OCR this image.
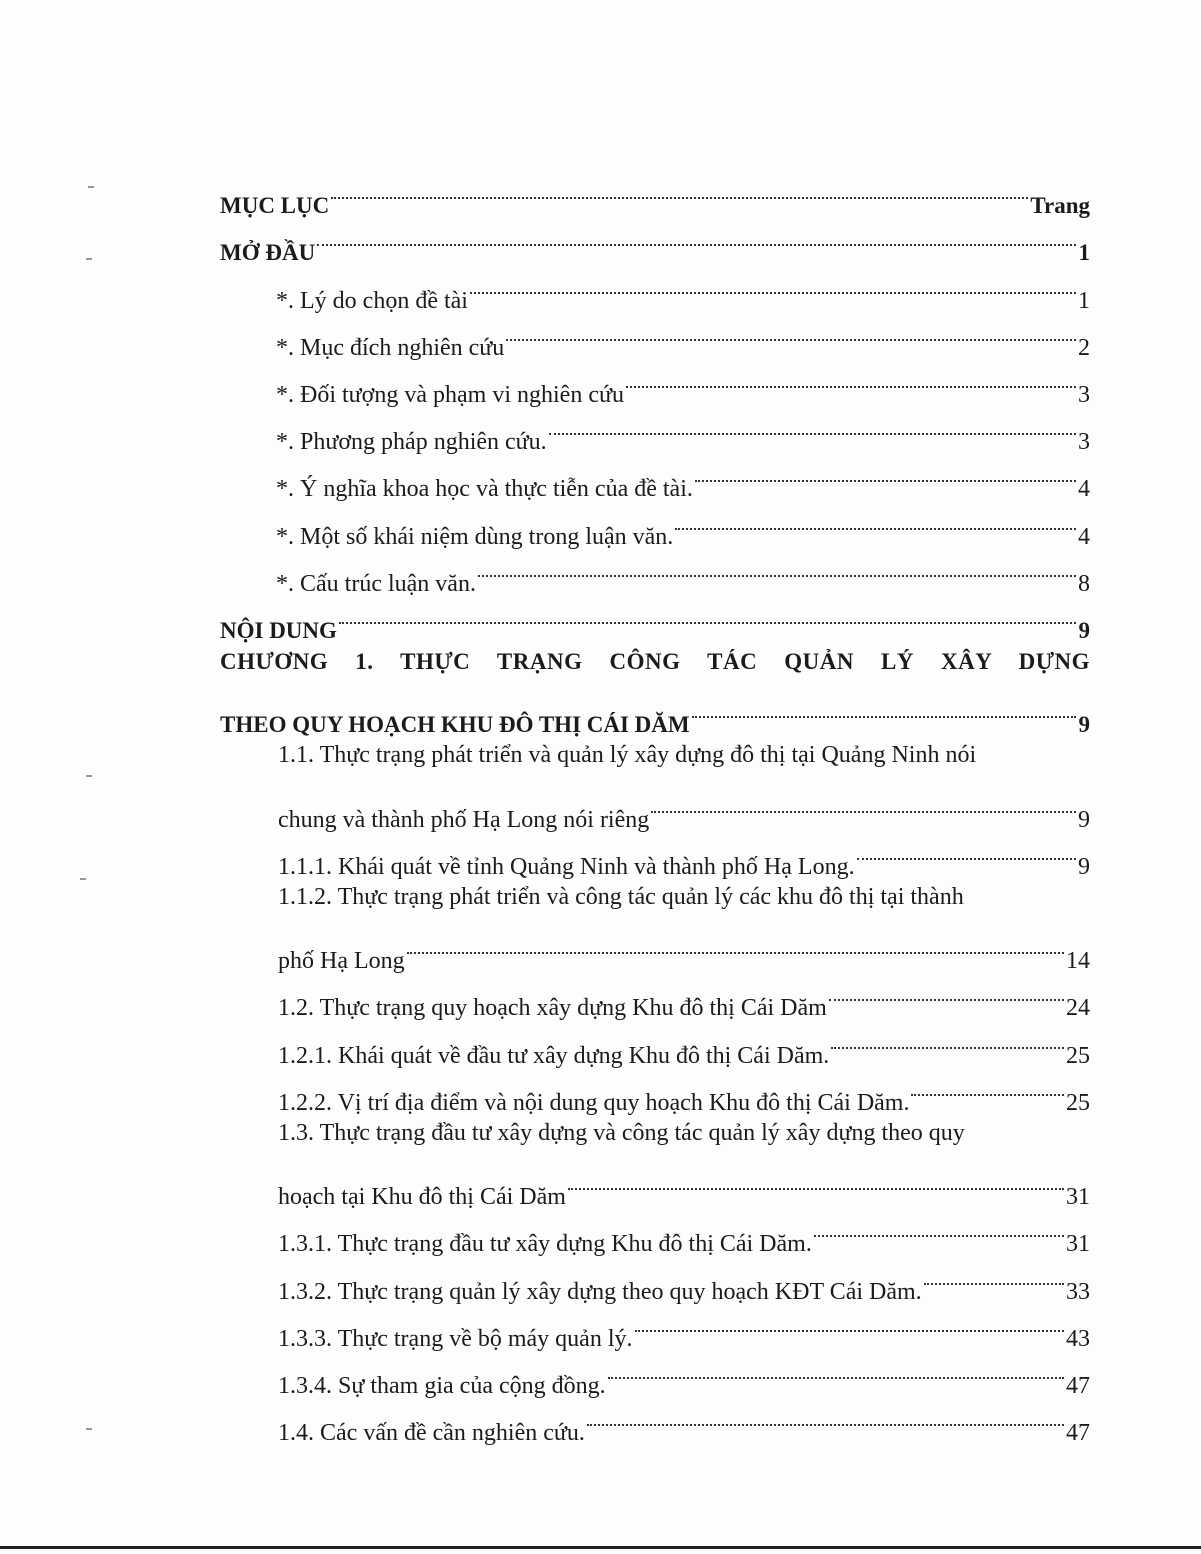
MỤC LỤC	Trang
MỞ ĐẦU	1
*. Lý do chọn đề tài	1
*. Mục đích nghiên cứu	2
*. Đối tượng và phạm vi nghiên cứu	3
*. Phương pháp nghiên cứu.	3
*. Ý nghĩa khoa học và thực tiễn của đề tài.	4
*. Một số khái niệm dùng trong luận văn.	4
*. Cấu trúc luận văn.	8
NỘI DUNG	9
CHƯƠNG 1. THỰC TRẠNG CÔNG TÁC QUẢN LÝ XÂY DỰNG
THEO QUY HOẠCH KHU ĐÔ THỊ CÁI DĂM	9
1.1. Thực trạng phát triển và quản lý xây dựng đô thị tại Quảng Ninh nói
chung và thành phố Hạ Long nói riêng	9
1.1.1. Khái quát về tỉnh Quảng Ninh và thành phố Hạ Long.	9
1.1.2. Thực trạng phát triển và công tác quản lý các khu đô thị tại thành
phố Hạ Long	14
1.2. Thực trạng quy hoạch xây dựng Khu đô thị Cái Dăm	24
1.2.1. Khái quát về đầu tư xây dựng Khu đô thị Cái Dăm.	25
1.2.2. Vị trí địa điểm và nội dung quy hoạch Khu đô thị Cái Dăm.	25
1.3. Thực trạng đầu tư xây dựng và công tác quản lý xây dựng theo quy
hoạch tại Khu đô thị Cái Dăm	31
1.3.1. Thực trạng đầu tư xây dựng Khu đô thị Cái Dăm.	31
1.3.2. Thực trạng quản lý xây dựng theo quy hoạch KĐT Cái Dăm.	33
1.3.3. Thực trạng về bộ máy quản lý.	43
1.3.4. Sự tham gia của cộng đồng.	47
1.4. Các vấn đề cần nghiên cứu.	47
